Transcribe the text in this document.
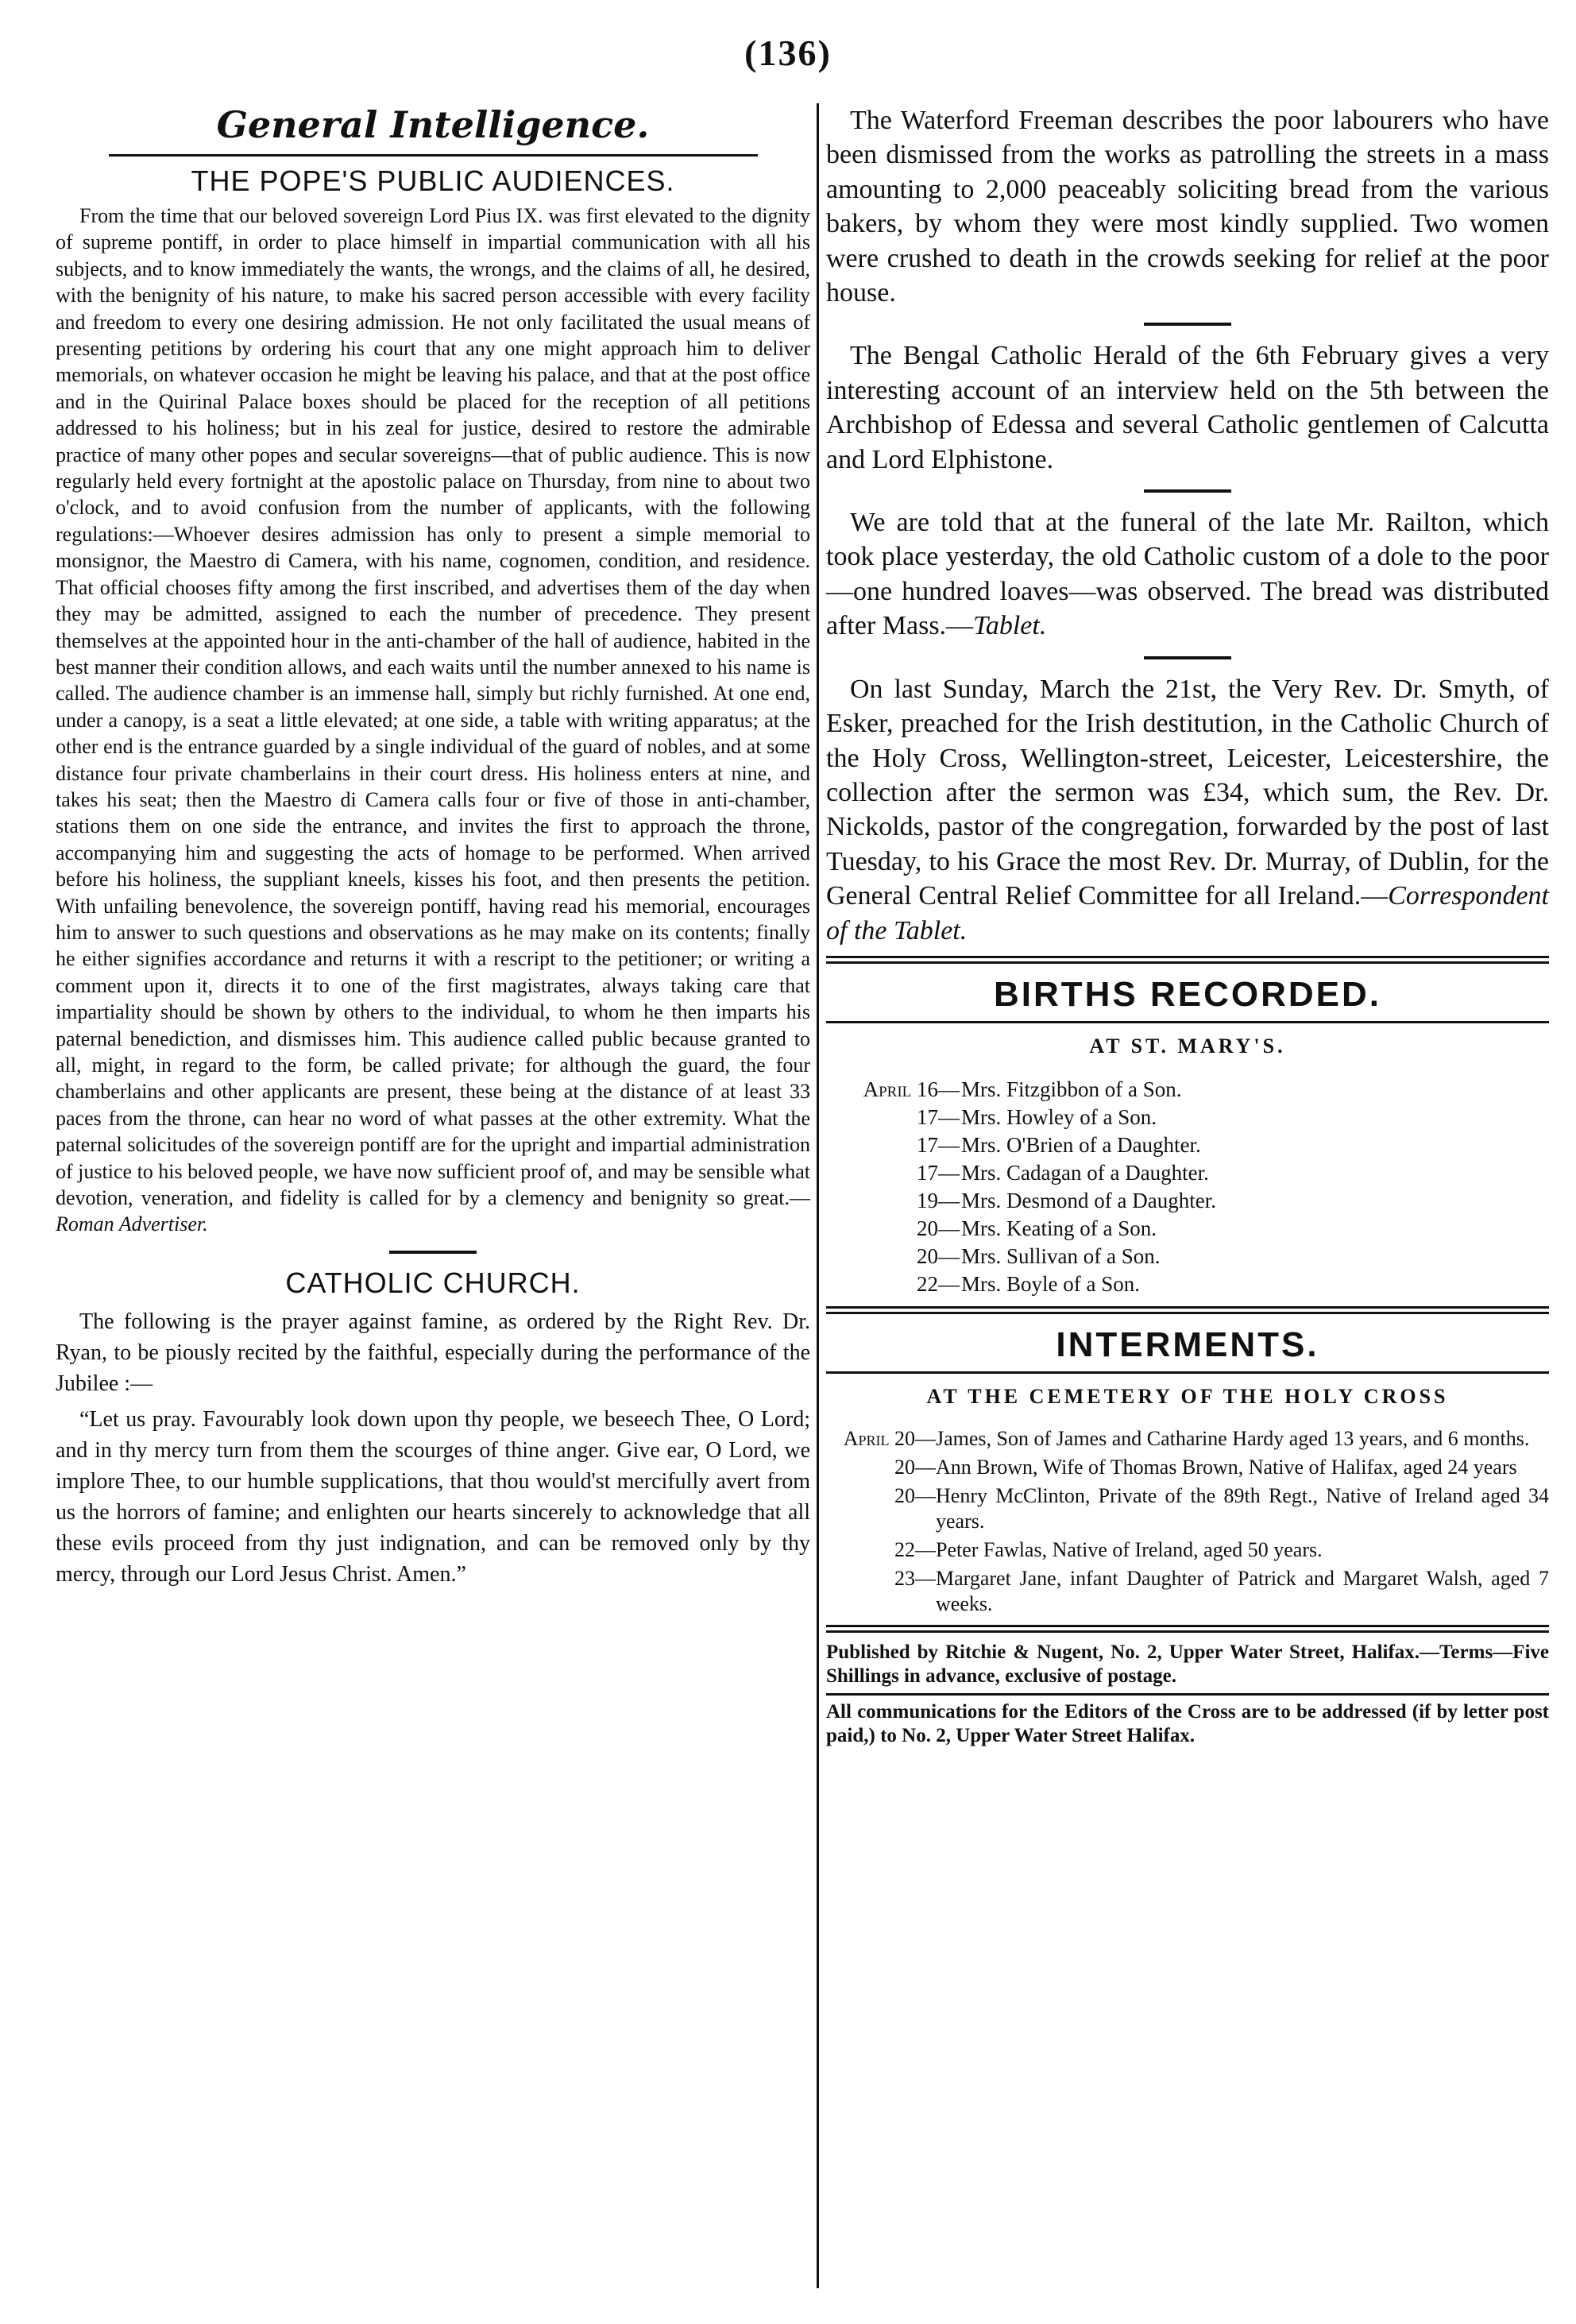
(136)
General Intelligence.
THE POPE'S PUBLIC AUDIENCES.

From the time that our beloved sovereign Lord Pius IX. was first elevated to the dignity of supreme pontiff, in order to place himself in impartial communication with all his subjects, and to know immediately the wants, the wrongs, and the claims of all, he desired, with the benignity of his nature, to make his sacred person accessible with every facility and freedom to every one desiring admission. He not only facilitated the usual means of presenting petitions by ordering his court that any one might approach him to deliver memorials, on whatever occasion he might be leaving his palace, and that at the post office and in the Quirinal Palace boxes should be placed for the reception of all petitions addressed to his holiness; but in his zeal for justice, desired to restore the admirable practice of many other popes and secular sovereigns—that of public audience. This is now regularly held every fortnight at the apostolic palace on Thursday, from nine to about two o'clock, and to avoid confusion from the number of applicants, with the following regulations:—Whoever desires admission has only to present a simple memorial to monsignor, the Maestro di Camera, with his name, cognomen, condition, and residence. That official chooses fifty among the first inscribed, and advertises them of the day when they may be admitted, assigned to each the number of precedence. They present themselves at the appointed hour in the anti-chamber of the hall of audience, habited in the best manner their condition allows, and each waits until the number annexed to his name is called. The audience chamber is an immense hall, simply but richly furnished. At one end, under a canopy, is a seat a little elevated; at one side, a table with writing apparatus; at the other end is the entrance guarded by a single individual of the guard of nobles, and at some distance four private chamberlains in their court dress. His holiness enters at nine, and takes his seat; then the Maestro di Camera calls four or five of those in anti-chamber, stations them on one side the entrance, and invites the first to approach the throne, accompanying him and suggesting the acts of homage to be performed. When arrived before his holiness, the suppliant kneels, kisses his foot, and then presents the petition. With unfailing benevolence, the sovereign pontiff, having read his memorial, encourages him to answer to such questions and observations as he may make on its contents; finally he either signifies accordance and returns it with a rescript to the petitioner; or writing a comment upon it, directs it to one of the first magistrates, always taking care that impartiality should be shown by others to the individual, to whom he then imparts his paternal benediction, and dismisses him. This audience called public because granted to all, might, in regard to the form, be called private; for although the guard, the four chamberlains and other applicants are present, these being at the distance of at least 33 paces from the throne, can hear no word of what passes at the other extremity. What the paternal solicitudes of the sovereign pontiff are for the upright and impartial administration of justice to his beloved people, we have now sufficient proof of, and may be sensible what devotion, veneration, and fidelity is called for by a clemency and benignity so great.—Roman Advertiser.

CATHOLIC CHURCH.

The following is the prayer against famine, as ordered by the Right Rev. Dr. Ryan, to be piously recited by the faithful, especially during the performance of the Jubilee :—

“Let us pray. Favourably look down upon thy people, we beseech Thee, O Lord; and in thy mercy turn from them the scourges of thine anger. Give ear, O Lord, we implore Thee, to our humble supplications, that thou would'st mercifully avert from us the horrors of famine; and enlighten our hearts sincerely to acknowledge that all these evils proceed from thy just indignation, and can be removed only by thy mercy, through our Lord Jesus Christ. Amen.”

The Waterford Freeman describes the poor labourers who have been dismissed from the works as patrolling the streets in a mass amounting to 2,000 peaceably soliciting bread from the various bakers, by whom they were most kindly supplied. Two women were crushed to death in the crowds seeking for relief at the poor house.

The Bengal Catholic Herald of the 6th February gives a very interesting account of an interview held on the 5th between the Archbishop of Edessa and several Catholic gentlemen of Calcutta and Lord Elphistone.

We are told that at the funeral of the late Mr. Railton, which took place yesterday, the old Catholic custom of a dole to the poor—one hundred loaves—was observed. The bread was distributed after Mass.—Tablet.

On last Sunday, March the 21st, the Very Rev. Dr. Smyth, of Esker, preached for the Irish destitution, in the Catholic Church of the Holy Cross, Wellington-street, Leicester, Leicestershire, the collection after the sermon was £34, which sum, the Rev. Dr. Nickolds, pastor of the congregation, forwarded by the post of last Tuesday, to his Grace the most Rev. Dr. Murray, of Dublin, for the General Central Relief Committee for all Ireland.—Correspondent of the Tablet.

BIRTHS RECORDED.
AT ST. MARY'S.
April 16— Mrs. Fitzgibbon of a Son.
17— Mrs. Howley of a Son.
17— Mrs. O'Brien of a Daughter.
17— Mrs. Cadagan of a Daughter.
19— Mrs. Desmond of a Daughter.
20— Mrs. Keating of a Son.
20— Mrs. Sullivan of a Son.
22— Mrs. Boyle of a Son.
INTERMENTS.
AT THE CEMETERY OF THE HOLY CROSS
April 20— James, Son of James and Catharine Hardy aged 13 years, and 6 months.
20— Ann Brown, Wife of Thomas Brown, Native of Halifax, aged 24 years
20— Henry McClinton, Private of the 89th Regt., Native of Ireland aged 34 years.
22— Peter Fawlas, Native of Ireland, aged 50 years.
23— Margaret Jane, infant Daughter of Patrick and Margaret Walsh, aged 7 weeks.

Published by Ritchie & Nugent, No. 2, Upper Water Street, Halifax.—Terms—Five Shillings in advance, exclusive of postage.

All communications for the Editors of the Cross are to be addressed (if by letter post paid,) to No. 2, Upper Water Street Halifax.
